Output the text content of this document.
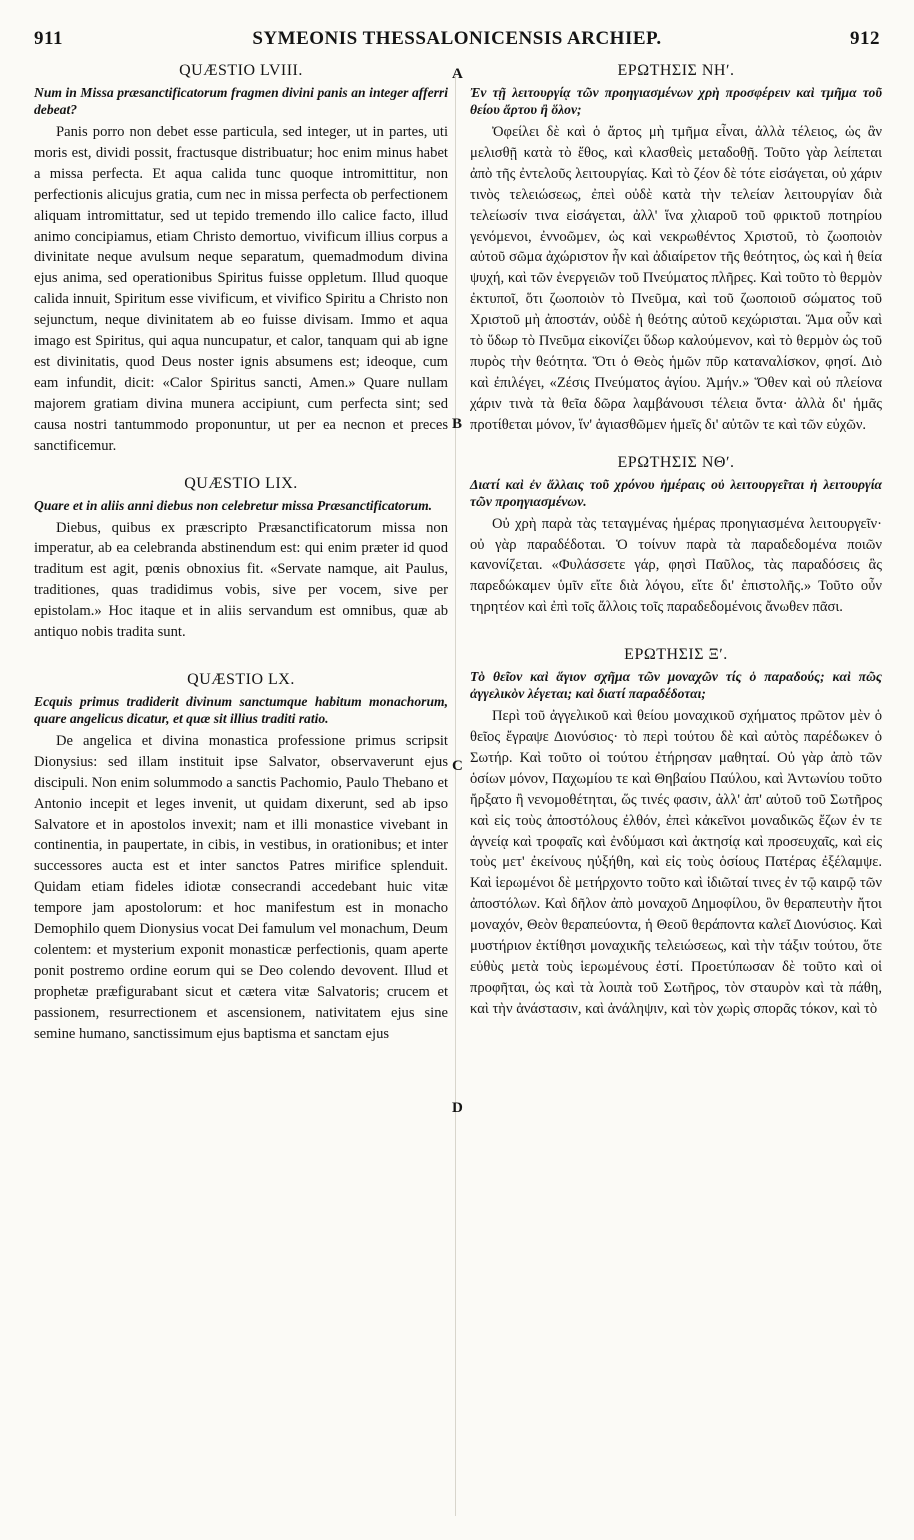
911	SYMEONIS THESSALONICENSIS ARCHIEP.	912
A
B
C
D
QUÆSTIO LVIII.

Num in Missa præsanctificatorum fragmen divini panis an integer afferri debeat?

Panis porro non debet esse particula, sed integer, ut in partes, uti moris est, dividi possit, fractusque distribuatur; hoc enim minus habet a missa perfecta. Et aqua calida tunc quoque intromittitur, non perfectionis alicujus gratia, cum nec in missa perfecta ob perfectionem aliquam intromittatur, sed ut tepido tremendo illo calice facto, illud animo concipiamus, etiam Christo demortuo, vivificum illius corpus a divinitate neque avulsum neque separatum, quemadmodum divina ejus anima, sed operationibus Spiritus fuisse oppletum. Illud quoque calida innuit, Spiritum esse vivificum, et vivifico Spiritu a Christo non sejunctum, neque divinitatem ab eo fuisse divisam. Immo et aqua imago est Spiritus, qui aqua nuncupatur, et calor, tanquam qui ab igne est divinitatis, quod Deus noster ignis absumens est; ideoque, cum eam infundit, dicit: «Calor Spiritus sancti, Amen.» Quare nullam majorem gratiam divina munera accipiunt, cum perfecta sint; sed causa nostri tantummodo proponuntur, ut per ea necnon et preces sanctificemur.

QUÆSTIO LIX.

Quare et in aliis anni diebus non celebretur missa Præsanctificatorum.

Diebus, quibus ex præscripto Præsanctificatorum missa non imperatur, ab ea celebranda abstinendum est: qui enim præter id quod traditum est agit, pœnis obnoxius fit. «Servate namque, ait Paulus, traditiones, quas tradidimus vobis, sive per vocem, sive per epistolam.» Hoc itaque et in aliis servandum est omnibus, quæ ab antiquo nobis tradita sunt.

QUÆSTIO LX.

Ecquis primus tradiderit divinum sanctumque habitum monachorum, quare angelicus dicatur, et quæ sit illius traditi ratio.

De angelica et divina monastica professione primus scripsit Dionysius: sed illam instituit ipse Salvator, observaverunt ejus discipuli. Non enim solummodo a sanctis Pachomio, Paulo Thebano et Antonio incepit et leges invenit, ut quidam dixerunt, sed ab ipso Salvatore et in apostolos invexit; nam et illi monastice vivebant in continentia, in paupertate, in cibis, in vestibus, in orationibus; et inter successores aucta est et inter sanctos Patres mirifice splenduit. Quidam etiam fideles idiotæ consecrandi accedebant huic vitæ tempore jam apostolorum: et hoc manifestum est in monacho Demophilo quem Dionysius vocat Dei famulum vel monachum, Deum colentem: et mysterium exponit monasticæ perfectionis, quam aperte ponit postremo ordine eorum qui se Deo colendo devovent. Illud et prophetæ præfigurabant sicut et cætera vitæ Salvatoris; crucem et passionem, resurrectionem et ascensionem, nativitatem ejus sine semine humano, sanctissimum ejus baptisma et sanctam ejus

ΕΡΩΤΗΣΙΣ ΝΗʹ.

Ἐν τῇ λειτουργίᾳ τῶν προηγιασμένων χρὴ προσφέρειν καὶ τμῆμα τοῦ θείου ἄρτου ἢ ὅλον;

Ὀφείλει δὲ καὶ ὁ ἄρτος μὴ τμῆμα εἶναι, ἀλλὰ τέλειος, ὡς ἂν μελισθῇ κατὰ τὸ ἔθος, καὶ κλασθεὶς μεταδοθῇ. Τοῦτο γὰρ λείπεται ἀπὸ τῆς ἐντελοῦς λειτουργίας. Καὶ τὸ ζέον δὲ τότε εἰσάγεται, οὐ χάριν τινὸς τελειώσεως, ἐπεὶ οὐδὲ κατὰ τὴν τελείαν λειτουργίαν διὰ τελείωσίν τινα εἰσάγεται, ἀλλ' ἵνα χλιαροῦ τοῦ φρικτοῦ ποτηρίου γενόμενοι, ἐννοῶμεν, ὡς καὶ νεκρωθέντος Χριστοῦ, τὸ ζωοποιὸν αὐτοῦ σῶμα ἀχώριστον ἦν καὶ ἀδιαίρετον τῆς θεότητος, ὡς καὶ ἡ θεία ψυχή, καὶ τῶν ἐνεργειῶν τοῦ Πνεύματος πλῆρες. Καὶ τοῦτο τὸ θερμὸν ἐκτυποῖ, ὅτι ζωοποιὸν τὸ Πνεῦμα, καὶ τοῦ ζωοποιοῦ σώματος τοῦ Χριστοῦ μὴ ἀποστάν, οὐδὲ ἡ θεότης αὐτοῦ κεχώρισται. Ἅμα οὖν καὶ τὸ ὕδωρ τὸ Πνεῦμα εἰκονίζει ὕδωρ καλούμενον, καὶ τὸ θερμὸν ὡς τοῦ πυρὸς τὴν θεότητα. Ὅτι ὁ Θεὸς ἡμῶν πῦρ καταναλίσκον, φησί. Διὸ καὶ ἐπιλέγει, «Ζέσις Πνεύματος ἁγίου. Ἀμήν.» Ὅθεν καὶ οὐ πλείονα χάριν τινὰ τὰ θεῖα δῶρα λαμβάνουσι τέλεια ὄντα· ἀλλὰ δι' ἡμᾶς προτίθεται μόνον, ἵν' ἁγιασθῶμεν ἡμεῖς δι' αὐτῶν τε καὶ τῶν εὐχῶν.

ΕΡΩΤΗΣΙΣ ΝΘʹ.

Διατί καὶ ἐν ἄλλαις τοῦ χρόνου ἡμέραις οὐ λειτουργεῖται ἡ λειτουργία τῶν προηγιασμένων.

Οὐ χρὴ παρὰ τὰς τεταγμένας ἡμέρας προηγιασμένα λειτουργεῖν· οὐ γὰρ παραδέδοται. Ὁ τοίνυν παρὰ τὰ παραδεδομένα ποιῶν κανονίζεται. «Φυλάσσετε γάρ, φησὶ Παῦλος, τὰς παραδόσεις ἃς παρεδώκαμεν ὑμῖν εἴτε διὰ λόγου, εἴτε δι' ἐπιστολῆς.» Τοῦτο οὖν τηρητέον καὶ ἐπὶ τοῖς ἄλλοις τοῖς παραδεδομένοις ἄνωθεν πᾶσι.

ΕΡΩΤΗΣΙΣ Ξʹ.

Τὸ θεῖον καὶ ἅγιον σχῆμα τῶν μοναχῶν τίς ὁ παραδούς; καὶ πῶς ἀγγελικὸν λέγεται; καὶ διατί παραδέδοται;

Περὶ τοῦ ἀγγελικοῦ καὶ θείου μοναχικοῦ σχήματος πρῶτον μὲν ὁ θεῖος ἔγραψε Διονύσιος· τὸ περὶ τούτου δὲ καὶ αὐτὸς παρέδωκεν ὁ Σωτήρ. Καὶ τοῦτο οἱ τούτου ἐτήρησαν μαθηταί. Οὐ γὰρ ἀπὸ τῶν ὁσίων μόνον, Παχωμίου τε καὶ Θηβαίου Παύλου, καὶ Ἀντωνίου τοῦτο ἤρξατο ἢ νενομοθέτηται, ὥς τινές φασιν, ἀλλ' ἀπ' αὐτοῦ τοῦ Σωτῆρος καὶ εἰς τοὺς ἀποστόλους ἐλθόν, ἐπεὶ κἀκεῖνοι μοναδικῶς ἔζων ἐν τε ἁγνείᾳ καὶ τροφαῖς καὶ ἐνδύμασι καὶ ἀκτησίᾳ καὶ προσευχαῖς, καὶ εἰς τοὺς μετ' ἐκείνους ηὐξήθη, καὶ εἰς τοὺς ὁσίους Πατέρας ἐξέλαμψε. Καὶ ἱερωμένοι δὲ μετήρχοντο τοῦτο καὶ ἰδιῶταί τινες ἐν τῷ καιρῷ τῶν ἀποστόλων. Καὶ δῆλον ἀπὸ μοναχοῦ Δημοφίλου, ὃν θεραπευτὴν ἤτοι μοναχόν, Θεὸν θεραπεύοντα, ἡ Θεοῦ θεράποντα καλεῖ Διονύσιος. Καὶ μυστήριον ἐκτίθησι μοναχικῆς τελειώσεως, καὶ τὴν τάξιν τούτου, ὅτε εὐθὺς μετὰ τοὺς ἱερωμένους ἐστί. Προετύπωσαν δὲ τοῦτο καὶ οἱ προφῆται, ὡς καὶ τὰ λοιπὰ τοῦ Σωτῆρος, τὸν σταυρὸν καὶ τὰ πάθη, καὶ τὴν ἀνάστασιν, καὶ ἀνάληψιν, καὶ τὸν χωρὶς σπορᾶς τόκον, καὶ τὸ
